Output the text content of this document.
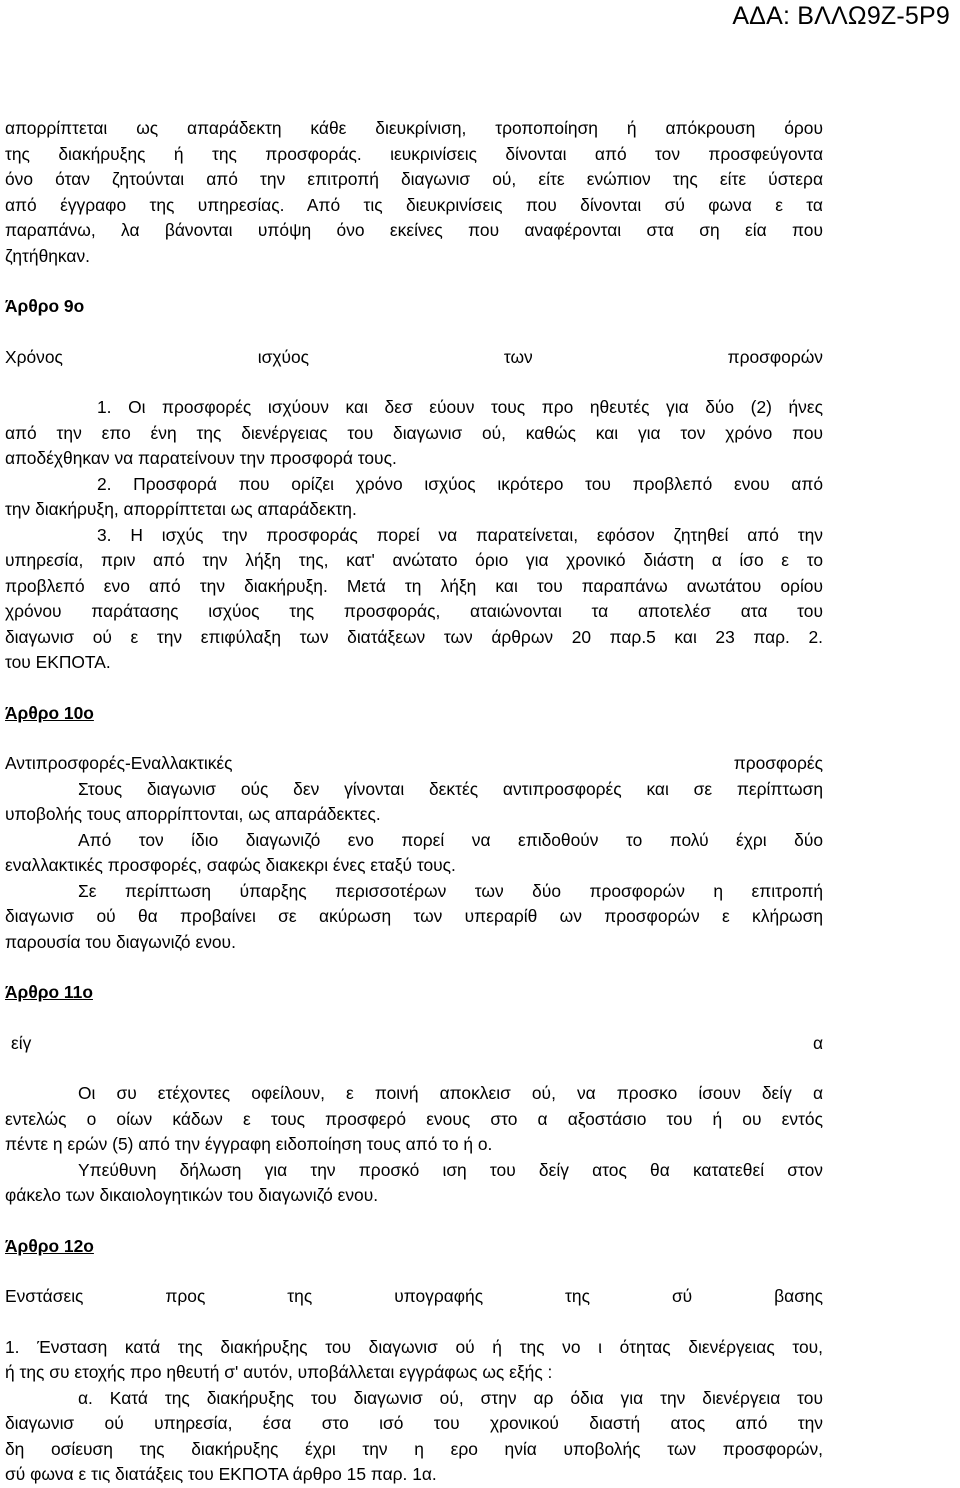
ΑΔΑ: ΒΛΛΩ9Ζ-5Ρ9

απορρίπτεται ως απαράδεκτη κάθε διευκρίνιση, τροποποίηση ή απόκρουση όρου

της διακήρυξης ή της προσφοράς. ιευκρινίσεις δίνονται από τον προσφεύγοντα

όνο όταν ζητούνται από την επιτροπή διαγωνισ ού, είτε ενώπιον της είτε ύστερα

από έγγραφο της υπηρεσίας. Από τις διευκρινίσεις που δίνονται σύ φωνα ε τα

παραπάνω, λα βάνονται υπόψη όνο εκείνες που αναφέρονται στα ση εία που

ζητήθηκαν.

Άρθρο 9ο

Χρόνος ισχύος των προσφορών

1. Οι προσφορές ισχύουν και δεσ εύουν τους προ ηθευτές για δύο (2) ήνες

από την επο ένη της διενέργειας του διαγωνισ ού, καθώς και για τον χρόνο που

αποδέχθηκαν να παρατείνουν την προσφορά τους.

2. Προσφορά που ορίζει χρόνο ισχύος ικρότερο του προβλεπό ενου από

την διακήρυξη, απορρίπτεται ως απαράδεκτη.

3. Η ισχύς την προσφοράς πορεί να παρατείνεται, εφόσον ζητηθεί από την

υπηρεσία, πριν από την λήξη της, κατ' ανώτατο όριο για χρονικό διάστη α ίσο ε το

προβλεπό ενο από την διακήρυξη. Μετά τη λήξη και του παραπάνω ανωτάτου ορίου

χρόνου παράτασης ισχύος της προσφοράς, αταιώνονται τα αποτελέσ ατα του

διαγωνισ ού ε την επιφύλαξη των διατάξεων των άρθρων 20 παρ.5 και 23 παρ. 2.

του ΕΚΠΟΤΑ.

Άρθρο 10ο

Αντιπροσφορές-Εναλλακτικές προσφορές

Στους διαγωνισ ούς δεν γίνονται δεκτές αντιπροσφορές και σε περίπτωση

υποβολής τους απορρίπτονται, ως απαράδεκτες.

Από τον ίδιο διαγωνιζό ενο πορεί να επιδοθούν το πολύ έχρι δύο

εναλλακτικές προσφορές, σαφώς διακεκρι ένες εταξύ τους.

Σε περίπτωση ύπαρξης περισσοτέρων των δύο προσφορών η επιτροπή

διαγωνισ ού θα προβαίνει σε ακύρωση των υπεραρίθ ων προσφορών ε κλήρωση

παρουσία του διαγωνιζό ενου.

Άρθρο 11ο

είγ α

Οι συ ετέχοντες οφείλουν, ε ποινή αποκλεισ ού, να προσκο ίσουν δείγ α

εντελώς ο οίων κάδων ε τους προσφερό ενους στο α αξοστάσιο του ή ου εντός

πέντε η ερών (5) από την έγγραφη ειδοποίηση τους από το ή ο.

Υπεύθυνη δήλωση για την προσκό ιση του δείγ ατος θα κατατεθεί στον

φάκελο των δικαιολογητικών του διαγωνιζό ενου.

Άρθρο 12ο

Ενστάσεις προς της υπογραφής της σύ βασης

1. Ένσταση κατά της διακήρυξης του διαγωνισ ού ή της νο ι ότητας διενέργειας του,

ή της συ ετοχής προ ηθευτή σ' αυτόν, υποβάλλεται εγγράφως ως εξής :

α. Κατά της διακήρυξης του διαγωνισ ού, στην αρ όδια για την διενέργεια του

διαγωνισ ού υπηρεσία, έσα στο ισό του χρονικού διαστή ατος από την

δη οσίευση της διακήρυξης έχρι την η ερο ηνία υποβολής των προσφορών,

σύ φωνα ε τις διατάξεις του ΕΚΠΟΤΑ άρθρο 15 παρ. 1α.
